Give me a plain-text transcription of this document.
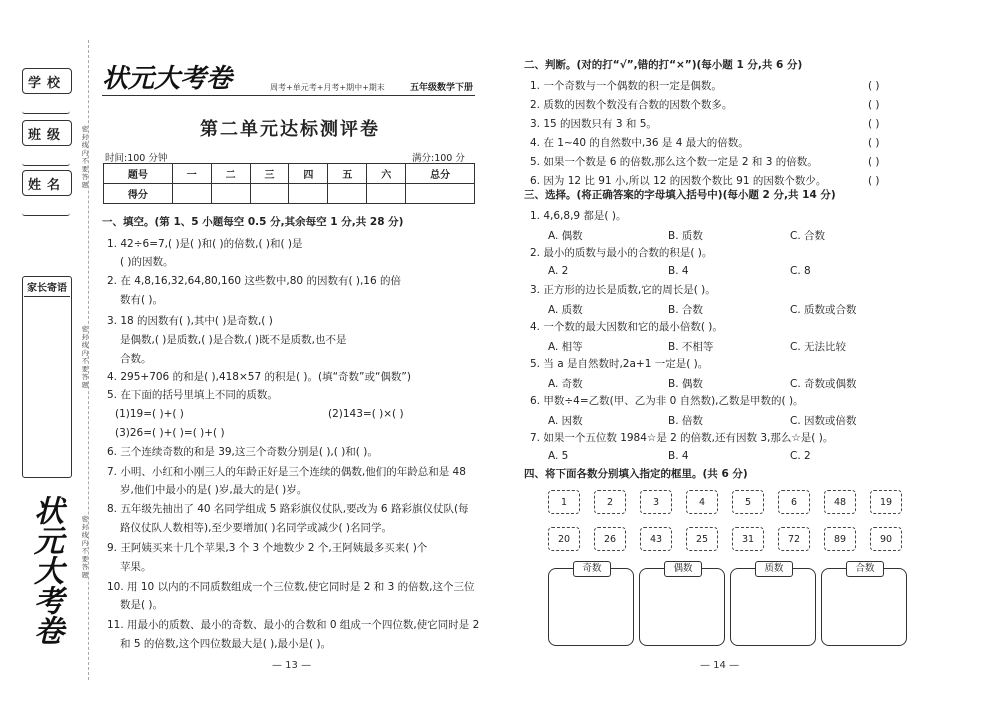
学校
班级
姓名
家长寄语
密封线内不要答题
密封线内不要答题
密封线内不要答题
状元大考卷
状元大考卷	周考+单元考+月考+期中+期末	五年级数学下册
第二单元达标测评卷
时间:100 分钟	满分:100 分
题号	一	二	三	四	五	六	总分
得分							
一、填空。(第 1、5 小题每空 0.5 分,其余每空 1 分,共 28 分)
1. 42÷6=7,( )是( )和( )的倍数,( )和( )是
( )的因数。
2. 在 4,8,16,32,64,80,160 这些数中,80 的因数有( ),16 的倍
数有( )。
3. 18 的因数有( ),其中( )是奇数,( )
是偶数,( )是质数,( )是合数,( )既不是质数,也不是
合数。
4. 295+706 的和是( ),418×57 的积是( )。(填“奇数”或“偶数”)
5. 在下面的括号里填上不同的质数。
(1)19=( )+( )	(2)143=( )×( )
(3)26=( )+( )=( )+( )
6. 三个连续奇数的和是 39,这三个奇数分别是( ),( )和( )。
7. 小明、小红和小刚三人的年龄正好是三个连续的偶数,他们的年龄总和是 48
岁,他们中最小的是( )岁,最大的是( )岁。
8. 五年级先抽出了 40 名同学组成 5 路彩旗仪仗队,要改为 6 路彩旗仪仗队(每
路仪仗队人数相等),至少要增加( )名同学或减少( )名同学。
9. 王阿姨买来十几个苹果,3 个 3 个地数少 2 个,王阿姨最多买来( )个
苹果。
10. 用 10 以内的不同质数组成一个三位数,使它同时是 2 和 3 的倍数,这个三位
数是( )。
11. 用最小的质数、最小的奇数、最小的合数和 0 组成一个四位数,使它同时是 2
和 5 的倍数,这个四位数最大是( ),最小是( )。
二、判断。(对的打“√”,错的打“×”)(每小题 1 分,共 6 分)
1. 一个奇数与一个偶数的积一定是偶数。	( )
2. 质数的因数个数没有合数的因数个数多。	( )
3. 15 的因数只有 3 和 5。	( )
4. 在 1~40 的自然数中,36 是 4 最大的倍数。	( )
5. 如果一个数是 6 的倍数,那么这个数一定是 2 和 3 的倍数。	( )
6. 因为 12 比 91 小,所以 12 的因数个数比 91 的因数个数少。	( )
三、选择。(将正确答案的字母填入括号中)(每小题 2 分,共 14 分)
1. 4,6,8,9 都是( )。
A. 偶数	B. 质数	C. 合数
2. 最小的质数与最小的合数的积是( )。
A. 2	B. 4	C. 8
3. 正方形的边长是质数,它的周长是( )。
A. 质数	B. 合数	C. 质数或合数
4. 一个数的最大因数和它的最小倍数( )。
A. 相等	B. 不相等	C. 无法比较
5. 当 a 是自然数时,2a+1 一定是( )。
A. 奇数	B. 偶数	C. 奇数或偶数
6. 甲数÷4=乙数(甲、乙为非 0 自然数),乙数是甲数的( )。
A. 因数	B. 倍数	C. 因数或倍数
7. 如果一个五位数 1984☆是 2 的倍数,还有因数 3,那么☆是( )。
A. 5	B. 4	C. 2
四、将下面各数分别填入指定的框里。(共 6 分)
1	2	3	4	5	6	48	19
20	26	43	25	31	72	89	90
奇数	偶数	质数	合数
— 13 —	— 14 —
